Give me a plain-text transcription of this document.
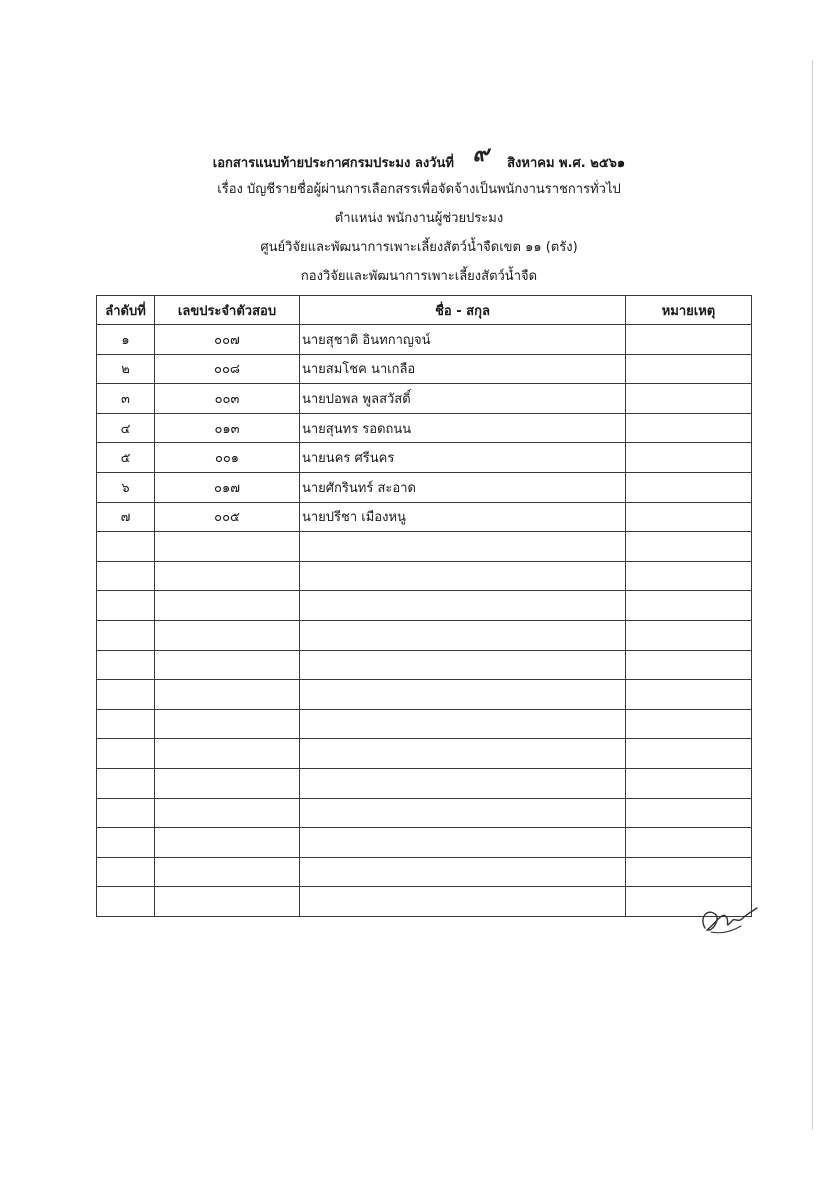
เอกสารแนบท้ายประกาศกรมประมง ลงวันที่ ๙ สิงหาคม พ.ศ. ๒๕๖๑
เรื่อง บัญชีรายชื่อผู้ผ่านการเลือกสรรเพื่อจัดจ้างเป็นพนักงานราชการทั่วไป
ตำแหน่ง พนักงานผู้ช่วยประมง
ศูนย์วิจัยและพัฒนาการเพาะเลี้ยงสัตว์น้ำจืดเขต ๑๑ (ตรัง)
กองวิจัยและพัฒนาการเพาะเลี้ยงสัตว์น้ำจืด
ลำดับที่	เลขประจำตัวสอบ	ชื่อ - สกุล	หมายเหตุ
๑	๐๐๗	นายสุชาติ อินทกาญจน์	
๒	๐๐๘	นายสมโชค นาเกลือ	
๓	๐๐๓	นายปอพล พูลสวัสดิ์	
๔	๐๑๓	นายสุนทร รอดถนน	
๕	๐๐๑	นายนคร ศรีนคร	
๖	๐๑๗	นายศักรินทร์ สะอาด	
๗	๐๐๕	นายปรีชา เมืองหนู	
